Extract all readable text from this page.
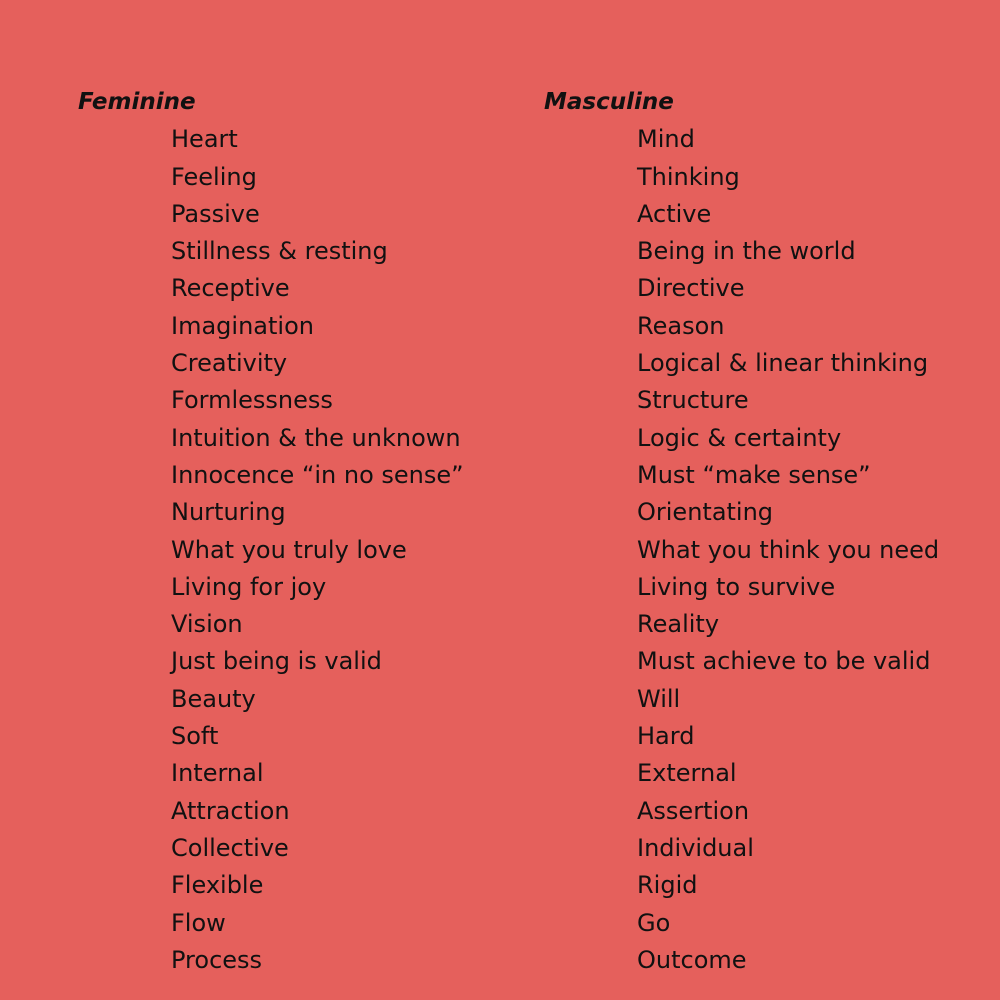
Feminine
Heart
Feeling
Passive
Stillness & resting
Receptive
Imagination
Creativity
Formlessness
Intuition & the unknown
Innocence “in no sense”
Nurturing
What you truly love
Living for joy
Vision
Just being is valid
Beauty
Soft
Internal
Attraction
Collective
Flexible
Flow
Process
Masculine
Mind
Thinking
Active
Being in the world
Directive
Reason
Logical & linear thinking
Structure
Logic & certainty
Must “make sense”
Orientating
What you think you need
Living to survive
Reality
Must achieve to be valid
Will
Hard
External
Assertion
Individual
Rigid
Go
Outcome
